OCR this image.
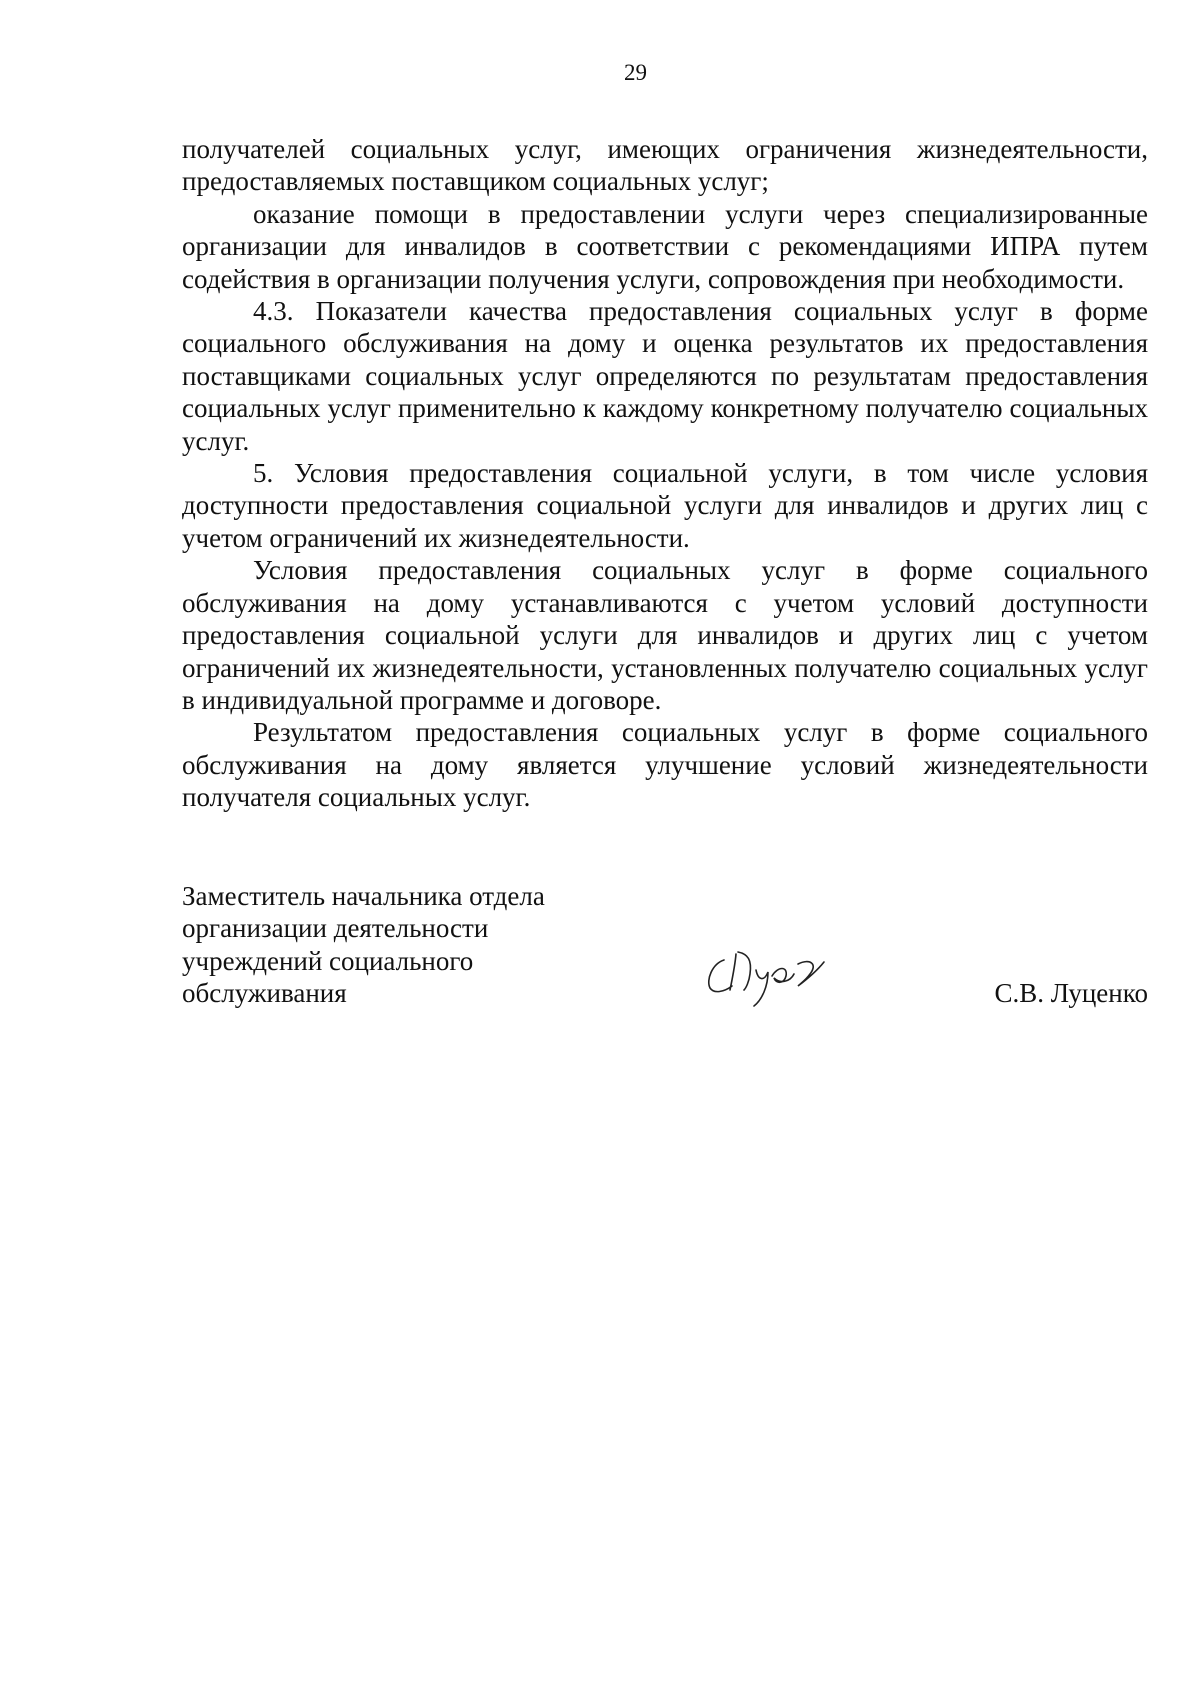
29

получателей социальных услуг, имеющих ограничения жизнедеятельности, предоставляемых поставщиком социальных услуг;

оказание помощи в предоставлении услуги через специализированные организации для инвалидов в соответствии с рекомендациями ИПРА путем содействия в организации получения услуги, сопровождения при необходимости.

4.3. Показатели качества предоставления социальных услуг в форме социального обслуживания на дому и оценка результатов их предоставления поставщиками социальных услуг определяются по результатам предоставления социальных услуг применительно к каждому конкретному получателю социальных услуг.

5. Условия предоставления социальной услуги, в том числе условия доступности предоставления социальной услуги для инвалидов и других лиц с учетом ограничений их жизнедеятельности.

Условия предоставления социальных услуг в форме социального обслуживания на дому устанавливаются с учетом условий доступности предоставления социальной услуги для инвалидов и других лиц с учетом ограничений их жизнедеятельности, установленных получателю социальных услуг в индивидуальной программе и договоре.

Результатом предоставления социальных услуг в форме социального обслуживания на дому является улучшение условий жизнедеятельности получателя социальных услуг.

Заместитель начальника отдела
организации деятельности
учреждений социального
обслуживания	С.В. Луценко
